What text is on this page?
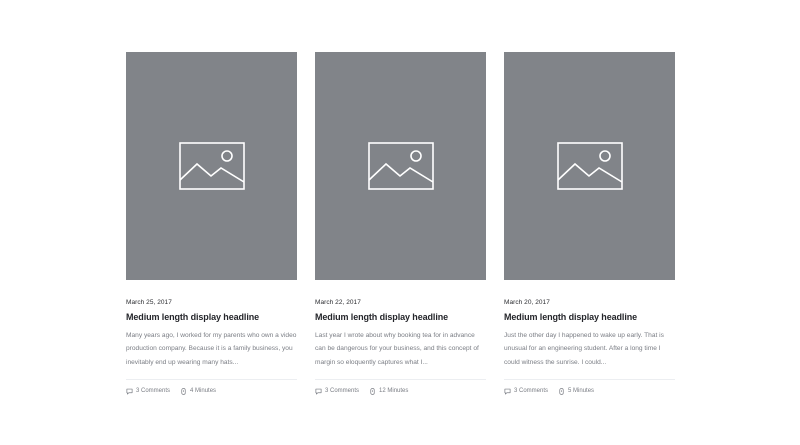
March 25, 2017
Medium length display headline
Many years ago, I worked for my parents who own a video production company. Because it is a family business, you inevitably end up wearing many hats...
3 Comments	4 Minutes
March 22, 2017
Medium length display headline
Last year I wrote about why booking tea for in advance can be dangerous for your business, and this concept of margin so eloquently captures what I...
3 Comments	12 Minutes
March 20, 2017
Medium length display headline
Just the other day I happened to wake up early. That is unusual for an engineering student. After a long time I could witness the sunrise. I could...
3 Comments	5 Minutes
